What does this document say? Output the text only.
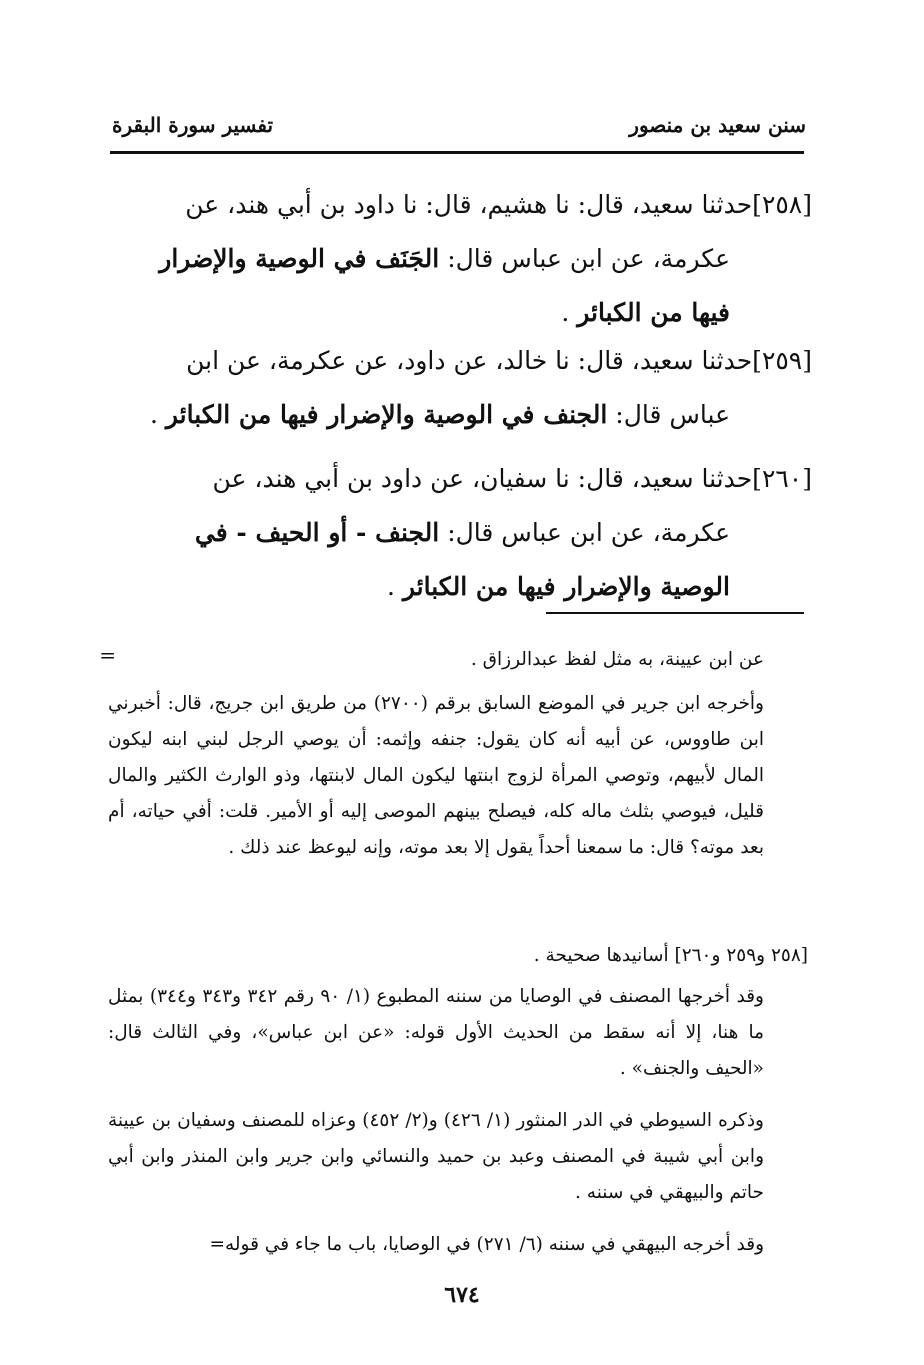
سنن سعيد بن منصور
تفسير سورة البقرة
[٢٥٨]حدثنا سعيد، قال: نا هشيم، قال: نا داود بن أبي هند، عن
عكرمة، عن ابن عباس قال: الجَنَف في الوصية والإضرار
فيها من الكبائر .
[٢٥٩]حدثنا سعيد، قال: نا خالد، عن داود، عن عكرمة، عن ابن
عباس قال: الجنف في الوصية والإضرار فيها من الكبائر .
[٢٦٠]حدثنا سعيد، قال: نا سفيان، عن داود بن أبي هند، عن
عكرمة، عن ابن عباس قال: الجنف - أو الحيف - في
الوصية والإضرار فيها من الكبائر .
=	عن ابن عيينة، به مثل لفظ عبدالرزاق .
وأخرجه ابن جرير في الموضع السابق برقم (٢٧٠٠) من طريق ابن جريج، قال: أخبرني ابن طاووس، عن أبيه أنه كان يقول: جنفه وإثمه: أن يوصي الرجل لبني ابنه ليكون المال لأبيهم، وتوصي المرأة لزوج ابنتها ليكون المال لابنتها، وذو الوارث الكثير والمال قليل، فيوصي بثلث ماله كله، فيصلح بينهم الموصى إليه أو الأمير. قلت: أفي حياته، أم بعد موته؟ قال: ما سمعنا أحداً يقول إلا بعد موته، وإنه ليوعظ عند ذلك .
[٢٥٨ و٢٥٩ و٢٦٠] أسانيدها صحيحة .
وقد أخرجها المصنف في الوصايا من سننه المطبوع (١/ ٩٠ رقم ٣٤٢ و٣٤٣ و٣٤٤) بمثل ما هنا، إلا أنه سقط من الحديث الأول قوله: «عن ابن عباس»، وفي الثالث قال: «الحيف والجنف» .
وذكره السيوطي في الدر المنثور (١/ ٤٢٦) و(٢/ ٤٥٢) وعزاه للمصنف وسفيان بن عيينة وابن أبي شيبة في المصنف وعبد بن حميد والنسائي وابن جرير وابن المنذر وابن أبي حاتم والبيهقي في سننه .
وقد أخرجه البيهقي في سننه (٦/ ٢٧١) في الوصايا، باب ما جاء في قوله=
٦٧٤
